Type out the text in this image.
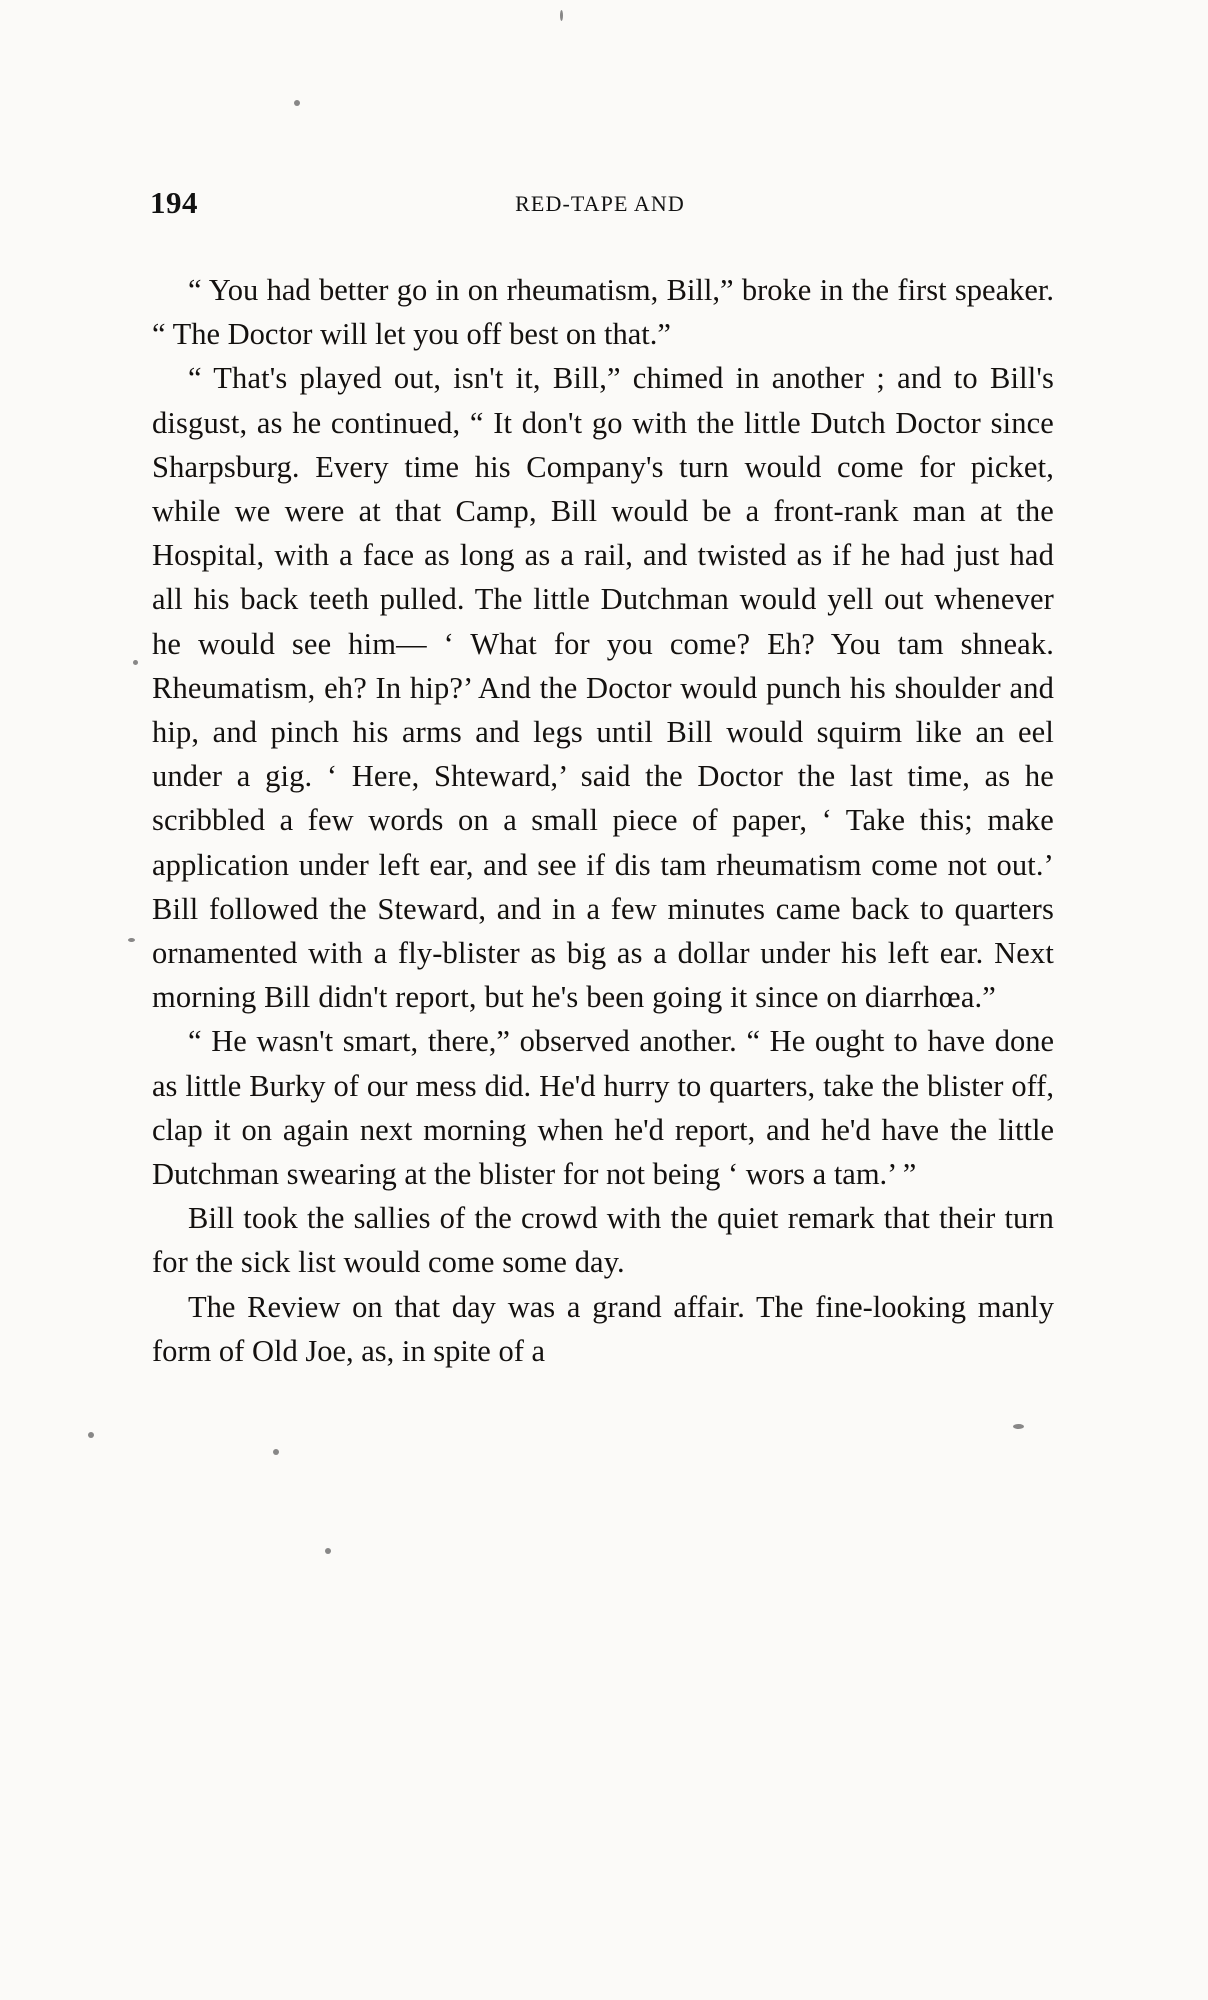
194	RED-TAPE AND

“ You had better go in on rheumatism, Bill,” broke in the first speaker. “ The Doctor will let you off best on that.”

“ That's played out, isn't it, Bill,” chimed in another ; and to Bill's disgust, as he continued, “ It don't go with the little Dutch Doctor since Sharpsburg. Every time his Company's turn would come for picket, while we were at that Camp, Bill would be a front-rank man at the Hospital, with a face as long as a rail, and twisted as if he had just had all his back teeth pulled. The little Dutchman would yell out whenever he would see him— ‘ What for you come? Eh? You tam shneak. Rheumatism, eh? In hip?’ And the Doctor would punch his shoulder and hip, and pinch his arms and legs until Bill would squirm like an eel under a gig. ‘ Here, Shteward,’ said the Doctor the last time, as he scribbled a few words on a small piece of paper, ‘ Take this; make application under left ear, and see if dis tam rheumatism come not out.’ Bill followed the Steward, and in a few minutes came back to quarters ornamented with a fly-blister as big as a dollar under his left ear. Next morning Bill didn't report, but he's been going it since on diarrhœa.”

“ He wasn't smart, there,” observed another. “ He ought to have done as little Burky of our mess did. He'd hurry to quarters, take the blister off, clap it on again next morning when he'd report, and he'd have the little Dutchman swearing at the blister for not being ‘ wors a tam.’ ”

Bill took the sallies of the crowd with the quiet remark that their turn for the sick list would come some day.

The Review on that day was a grand affair. The fine-looking manly form of Old Joe, as, in spite of a
